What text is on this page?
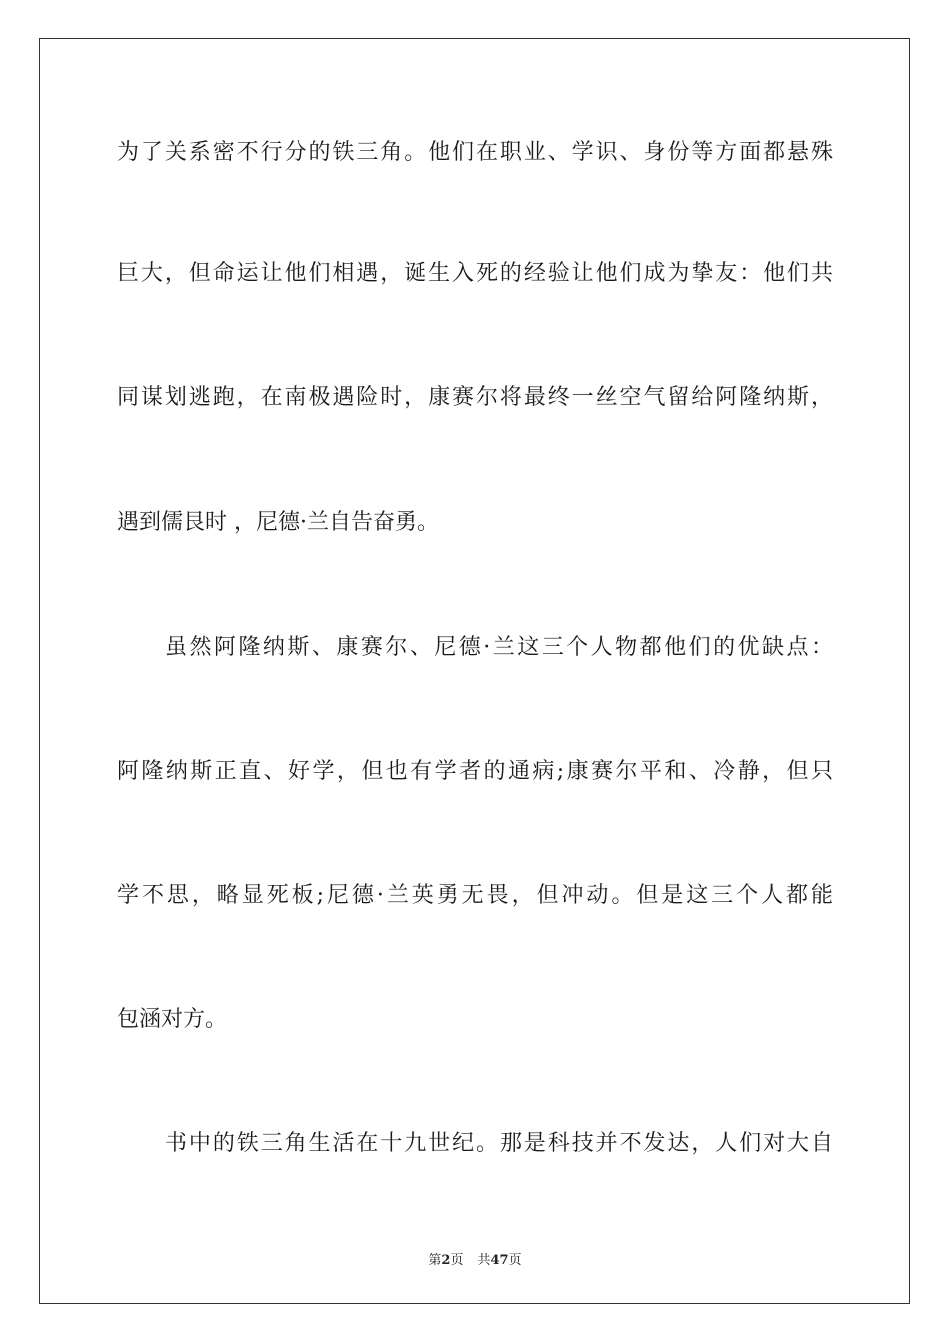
为了关系密不行分的铁三角。他们在职业、学识、身份等方面都悬殊
巨大，但命运让他们相遇，诞生入死的经验让他们成为挚友：他们共
同谋划逃跑，在南极遇险时，康赛尔将最终一丝空气留给阿隆纳斯，
遇到儒艮时 ，尼德·兰自告奋勇。
虽然阿隆纳斯、康赛尔、尼德·兰这三个人物都他们的优缺点：
阿隆纳斯正直、好学，但也有学者的通病;康赛尔平和、冷静，但只
学不思，略显死板;尼德·兰英勇无畏，但冲动。但是这三个人都能
包涵对方。
书中的铁三角生活在十九世纪。那是科技并不发达，人们对大自
第2页 共47页
